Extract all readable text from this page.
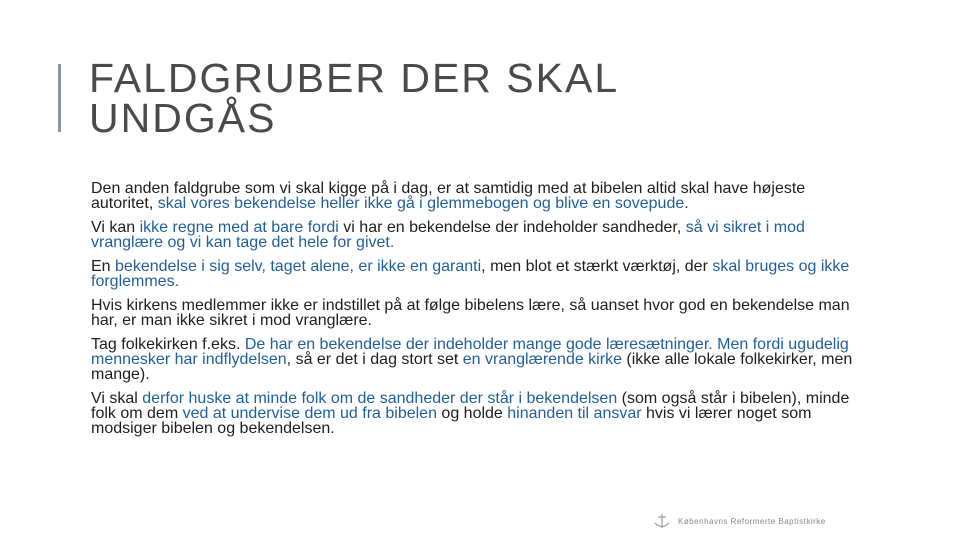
FALDGRUBER DER SKAL
UNDGÅS

Den anden faldgrube som vi skal kigge på i dag, er at samtidig med at bibelen altid skal have højeste autoritet, skal vores bekendelse heller ikke gå i glemmebogen og blive en sovepude.

Vi kan ikke regne med at bare fordi vi har en bekendelse der indeholder sandheder, så vi sikret i mod vranglære og vi kan tage det hele for givet.

En bekendelse i sig selv, taget alene, er ikke en garanti, men blot et stærkt værktøj, der skal bruges og ikke forglemmes.

Hvis kirkens medlemmer ikke er indstillet på at følge bibelens lære, så uanset hvor god en bekendelse man har, er man ikke sikret i mod vranglære.

Tag folkekirken f.eks. De har en bekendelse der indeholder mange gode læresætninger. Men fordi ugudelig mennesker har indflydelsen, så er det i dag stort set en vranglærende kirke (ikke alle lokale folkekirker, men mange).

Vi skal derfor huske at minde folk om de sandheder der står i bekendelsen (som også står i bibelen), minde folk om dem ved at undervise dem ud fra bibelen og holde hinanden til ansvar hvis vi lærer noget som modsiger bibelen og bekendelsen.

Københavns Reformerte Baptistkirke
